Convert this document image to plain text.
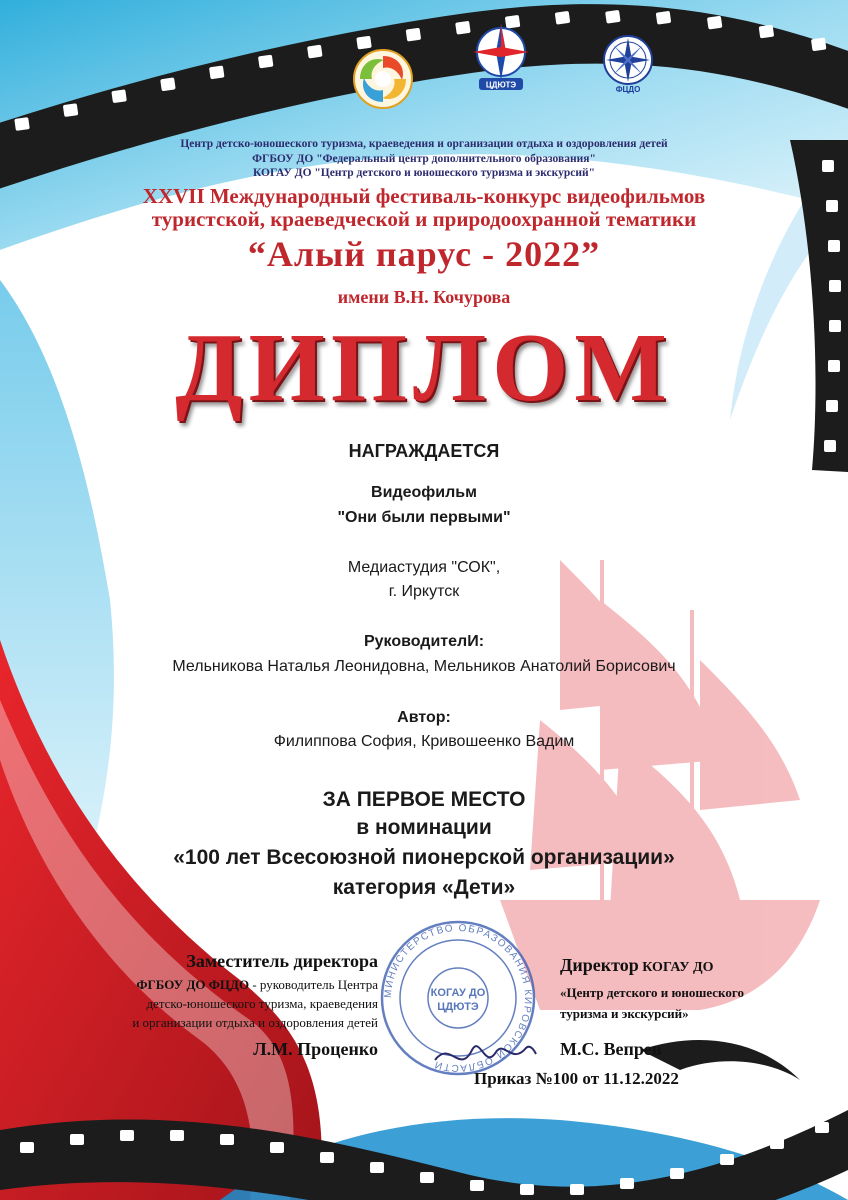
ЦДЮТЭ	ФЦДО
Центр детско-юношеского туризма, краеведения и организации отдыха и оздоровления детей
ФГБОУ ДО "Федеральный центр дополнительного образования"
КОГАУ ДО "Центр детского и юношеского туризма и экскурсий"
XXVII Международный фестиваль-конкурс видеофильмов
туристской, краеведческой и природоохранной тематики
“Алый парус - 2022”
имени В.Н. Кочурова
ДИПЛОМ
НАГРАЖДАЕТСЯ
Видеофильм
"Они были первыми"
Медиастудия "СОК",
г. Иркутск
РуководителИ:
Мельникова Наталья Леонидовна, Мельников Анатолий Борисович
Автор:
Филиппова София, Кривошеенко Вадим
ЗА ПЕРВОЕ МЕСТО
в номинации
«100 лет Всесоюзной пионерской организации»
категория «Дети»
КОГАУ ДО
ЦДЮТЭ
МИНИСТЕРСТВО ОБРАЗОВАНИЯ КИРОВСКОЙ ОБЛАСТИ
Заместитель директора
ФГБОУ ДО ФЦДО - руководитель Центра
детско-юношеского туризма, краеведения
и организации отдыха и оздоровления детей
Л.М. Проценко
Директор КОГАУ ДО
«Центр детского и юношеского
туризма и экскурсий»
М.С. Вепрев
Приказ №100 от 11.12.2022
